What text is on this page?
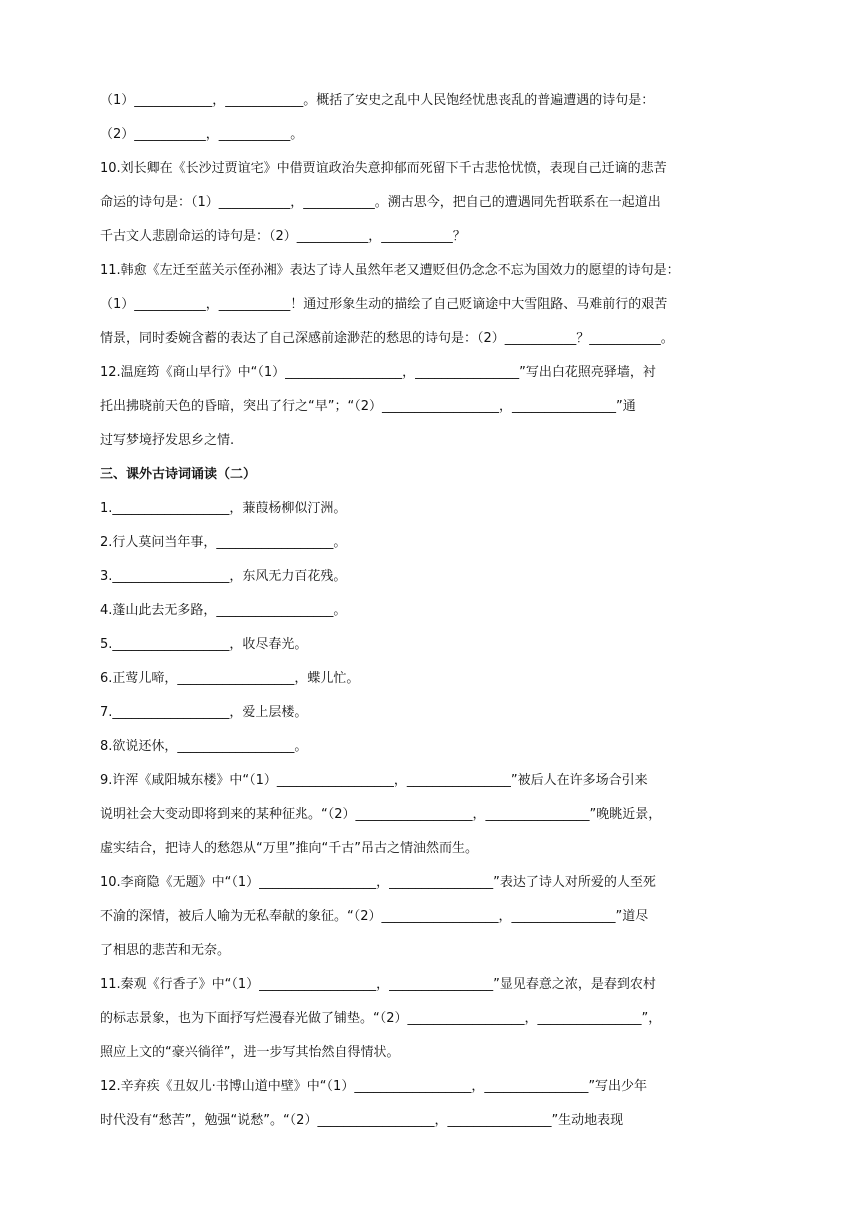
（1）____________，____________。概括了安史之乱中人民饱经忧患丧乱的普遍遭遇的诗句是：
（2）___________，___________。
10.刘长卿在《长沙过贾谊宅》中借贾谊政治失意抑郁而死留下千古悲怆忧愤，表现自己迁谪的悲苦
命运的诗句是：（1）___________，___________。溯古思今，把自己的遭遇同先哲联系在一起道出
千古文人悲剧命运的诗句是：（2）___________，___________？
11.韩愈《左迁至蓝关示侄孙湘》表达了诗人虽然年老又遭贬但仍念念不忘为国效力的愿望的诗句是：
（1）___________，___________！通过形象生动的描绘了自己贬谪途中大雪阻路、马难前行的艰苦
情景，同时委婉含蓄的表达了自己深感前途渺茫的愁思的诗句是：（2）___________？___________。
12.温庭筠《商山早行》中“（1）__________________，________________”写出白花照亮驿墙，衬
托出拂晓前天色的昏暗，突出了行之“早”；“（2）__________________，________________”通
过写梦境抒发思乡之情.
三、课外古诗词诵读（二）
1.__________________，蒹葭杨柳似汀洲。
2.行人莫问当年事，__________________。
3.__________________，东风无力百花残。
4.蓬山此去无多路，__________________。
5.__________________，收尽春光。
6.正莺儿啼，__________________，蝶儿忙。
7.__________________，爱上层楼。
8.欲说还休，__________________。
9.许浑《咸阳城东楼》中“（1）__________________，________________”被后人在许多场合引来
说明社会大变动即将到来的某种征兆。“（2）__________________，________________”晚眺近景，
虚实结合，把诗人的愁怨从“万里”推向“千古”吊古之情油然而生。
10.李商隐《无题》中“（1）__________________，________________”表达了诗人对所爱的人至死
不渝的深情，被后人喻为无私奉献的象征。“（2）__________________，________________”道尽
了相思的悲苦和无奈。
11.秦观《行香子》中“（1）__________________，________________”显见春意之浓，是春到农村
的标志景象，也为下面抒写烂漫春光做了铺垫。“（2）__________________，________________”，
照应上文的“豪兴徜徉”，进一步写其怡然自得情状。
12.辛弃疾《丑奴儿·书博山道中壁》中“（1）__________________，________________”写出少年
时代没有“愁苦”，勉强“说愁”。“（2）__________________，________________”生动地表现
